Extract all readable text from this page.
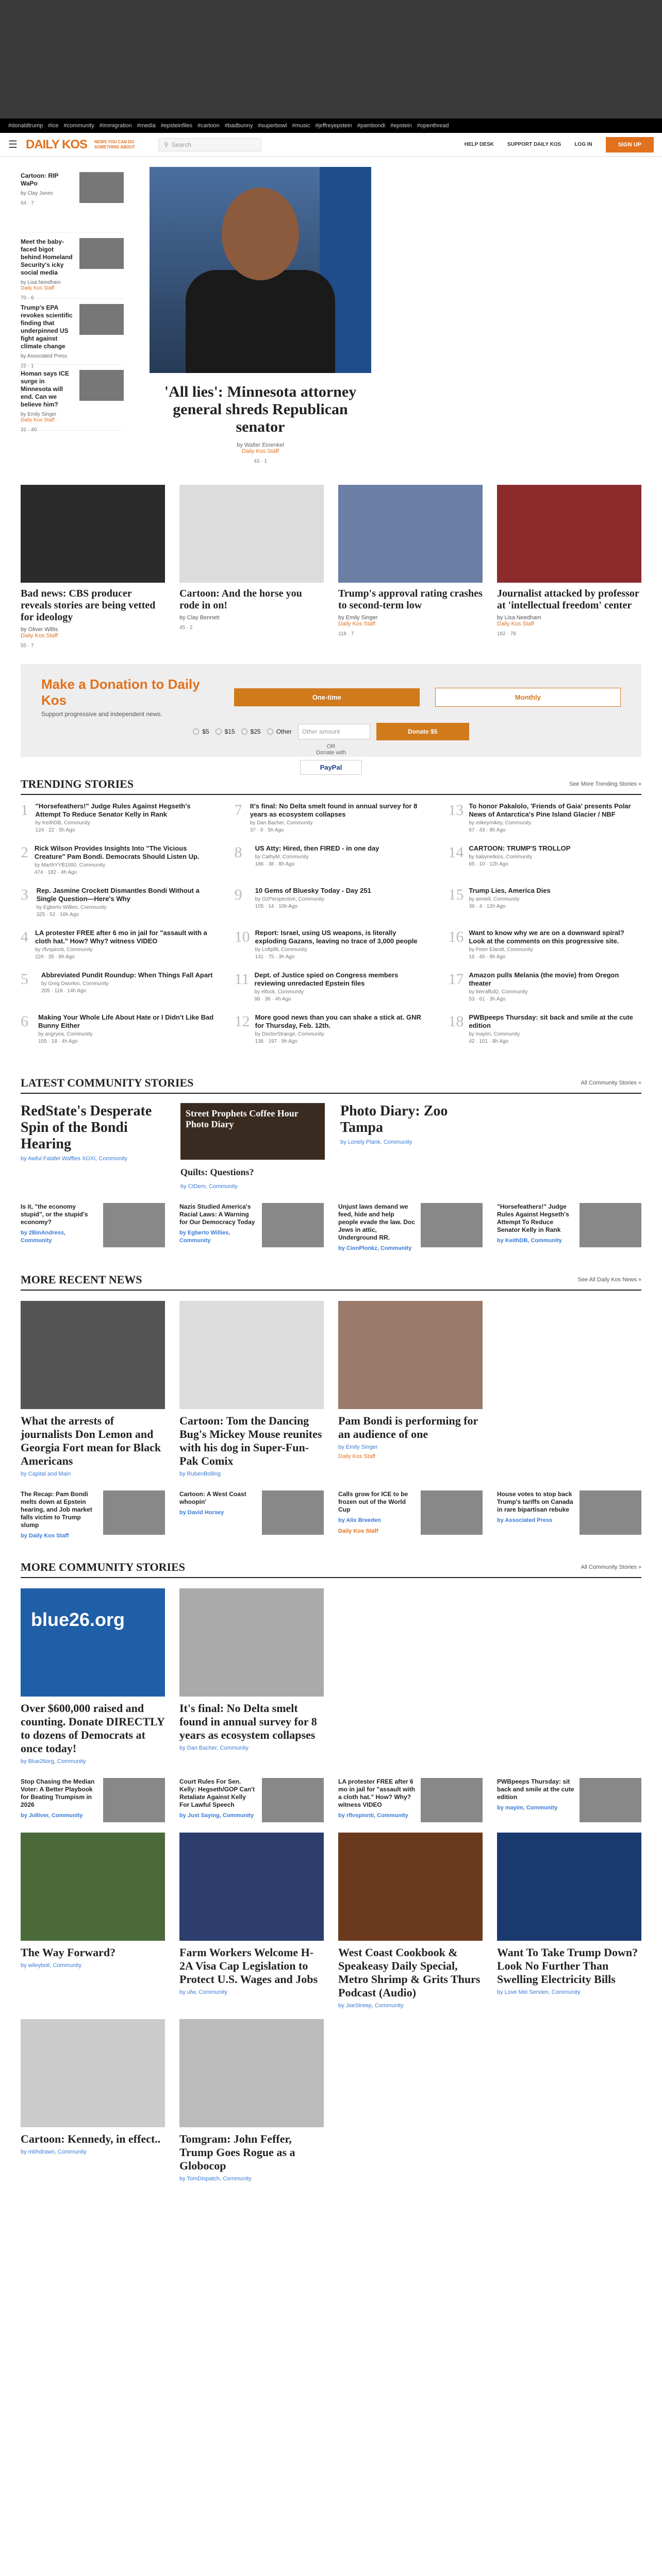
#donaldtrump #ice #community #immigration #media #epsteinfiles #cartoon #badbunny #superbowl #music #jeffreyepstein #pambondi #epstein #openthread
☰ DAILY KOS NEWS YOU CAN DO SOMETHING ABOUT	⚲ Search	HELP DESK	SUPPORT DAILY KOS	LOG IN	SIGN UP
Cartoon: RIP WaPo
by Clay Jones
64 · 7
Meet the baby-faced bigot behind Homeland Security's icky social media
by Lisa Needham
Daily Kos Staff
70 · 6
Trump's EPA revokes scientific finding that underpinned US fight against climate change
by Associated Press
22 · 1
Homan says ICE surge in Minnesota will end. Can we believe him?
by Emily Singer
Daily Kos Staff
31 · 40
'All lies': Minnesota attorney general shreds Republican senator
by Walter Einenkel
Daily Kos Staff
43 · 1
Bad news: CBS producer reveals stories are being vetted for ideology
by Oliver Willis
Daily Kos Staff
55 · 7
Cartoon: And the horse you rode in on!
by Clay Bennett
45 · 2
Trump's approval rating crashes to second-term low
by Emily Singer
Daily Kos Staff
118 · 7
Journalist attacked by professor at 'intellectual freedom' center
by Lisa Needham
Daily Kos Staff
182 · 78
Make a Donation to Daily Kos
Support progressive and independent news.
One-time	Monthly
$5	$15	$25	Other	Other amount	Donate $5
OR
Donate with
PayPal
TRENDING STORIES	See More Trending Stories »
1 "Horsefeathers!" Judge Rules Against Hegseth's Attempt To Reduce Senator Kelly in Rank
by KeithDB, Community
124 · 22 · 5h Ago
2 Rick Wilson Provides Insights Into "The Vicious Creature" Pam Bondi. Democrats Should Listen Up.
by MarthYYB1000, Community
474 · 182 · 4h Ago
3	Rep. Jasmine Crockett Dismantles Bondi Without a Single Question—Here's Why
by Egberto Willies, Community
325 · 52 · 16h Ago
4 LA protester FREE after 6 mo in jail for "assault with a cloth hat." How? Why? witness VIDEO
by rflvspinnti, Community
226 · 35 · 8h Ago
5	Abbreviated Pundit Roundup: When Things Fall Apart
by Greg Dworkin, Community
205 · 118 · 14h Ago
6	Making Your Whole Life About Hate or I Didn't Like Bad Bunny Either
by angryea, Community
105 · 18 · 4h Ago
7	It's final: No Delta smelt found in annual survey for 8 years as ecosystem collapses
by Dan Bacher, Community
37 · 9 · 5h Ago
8	US Atty: Hired, then FIRED - in one day
by CathyM, Community
186 · 38 · 8h Ago
9	10 Gems of Bluesky Today - Day 251
by OzPerspective, Community
105 · 14 · 10h Ago
10 Report: Israel, using US weapons, is literally exploding Gazans, leaving no trace of 3,000 people
by Loftplfil, Community
141 · 75 · 3h Ago
11 Dept. of Justice spied on Congress members reviewing unredacted Epstein files
by elfock, Community
98 · 36 · 4h Ago
12 More good news than you can shake a stick at. GNR for Thursday, Feb. 12th.
by DoctorStrange, Community
136 · 197 · 9h Ago
13 To honor Pakalolo, 'Friends of Gaia' presents Polar News of Antarctica's Pine Island Glacier / NBF
by mikeymikey, Community
67 · 43 · 8h Ago
14 CARTOON: TRUMP'S TROLLOP
by babynetkins, Community
65 · 10 · 12h Ago
15 Trump Lies, America Dies
by annieli, Community
39 · 4 · 12h Ago
16 Want to know why we are on a downward spiral? Look at the comments on this progressive site.
by Peter Elandt, Community
16 · 45 · 8h Ago
17 Amazon pulls Melania (the movie) from Oregon theater
by Weraffull2, Community
53 · 61 · 3h Ago
18 PWBpeeps Thursday: sit back and smile at the cute edition
by mayim, Community
42 · 101 · 8h Ago
LATEST COMMUNITY STORIES	All Community Stories »
RedState's Desperate Spin of the Bondi Hearing
by Awful Falafel Waffles XOXI, Community
Street Prophets Coffee Hour Photo Diary
Quilts: Questions?
by CtDem, Community
Photo Diary: Zoo Tampa
by Lonely Plank, Community
Is it, "the economy stupid", or the stupid's economy?
by 2BinAndress, Community
Nazis Studied America's Racial Laws: A Warning for Our Democracy Today
by Egberto Willies, Community
Unjust laws demand we feed, hide and help people evade the law. Doc Jews in attic, Underground RR.
by CionPlonkz, Community
"Horsefeathers!" Judge Rules Against Hegseth's Attempt To Reduce Senator Kelly in Rank
by KeithDB, Community
MORE RECENT NEWS	See All Daily Kos News »
What the arrests of journalists Don Lemon and Georgia Fort mean for Black Americans
by Capital and Main
Cartoon: Tom the Dancing Bug's Mickey Mouse reunites with his dog in Super-Fun-Pak Comix
by RubenBolling
Pam Bondi is performing for an audience of one
by Emily Singer
Daily Kos Staff
The Recap: Pam Bondi melts down at Epstein hearing, and Job market falls victim to Trump slump
by Daily Kos Staff
Cartoon: A West Coast whoopin'
by David Horsey
Calls grow for ICE to be frozen out of the World Cup
by Alix Breeden
Daily Kos Staff
House votes to stop back Trump's tariffs on Canada in rare bipartisan rebuke
by Associated Press
MORE COMMUNITY STORIES	All Community Stories »
blue26.org
Over $600,000 raised and counting. Donate DIRECTLY to dozens of Democrats at once today!
by Blue26org, Community
It's final: No Delta smelt found in annual survey for 8 years as ecosystem collapses
by Dan Bacher, Community
Stop Chasing the Median Voter: A Better Playbook for Beating Trumpism in 2026
by Jolliver, Community
Court Rules For Sen. Kelly: Hegseth/GOP Can't Retaliate Against Kelly For Lawful Speech
by Just Saying, Community
LA protester FREE after 6 mo in jail for "assault with a cloth hat." How? Why? witness VIDEO
by rflvspinnti, Community
PWBpeeps Thursday: sit back and smile at the cute edition
by mayim, Community
The Way Forward?
by wileyboil, Community
Farm Workers Welcome H-2A Visa Cap Legislation to Protect U.S. Wages and Jobs
by ufw, Community
West Coast Cookbook & Speakeasy Daily Special, Metro Shrimp & Grits Thurs Podcast (Audio)
by JoeStreep, Community
Want To Take Trump Down? Look No Further Than Swelling Electricity Bills
by Love Mei Servien, Community
Cartoon: Kennedy, in effect..
by mbhdrawn, Community
Tomgram: John Feffer, Trump Goes Rogue as a Globocop
by TomDispatch, Community
